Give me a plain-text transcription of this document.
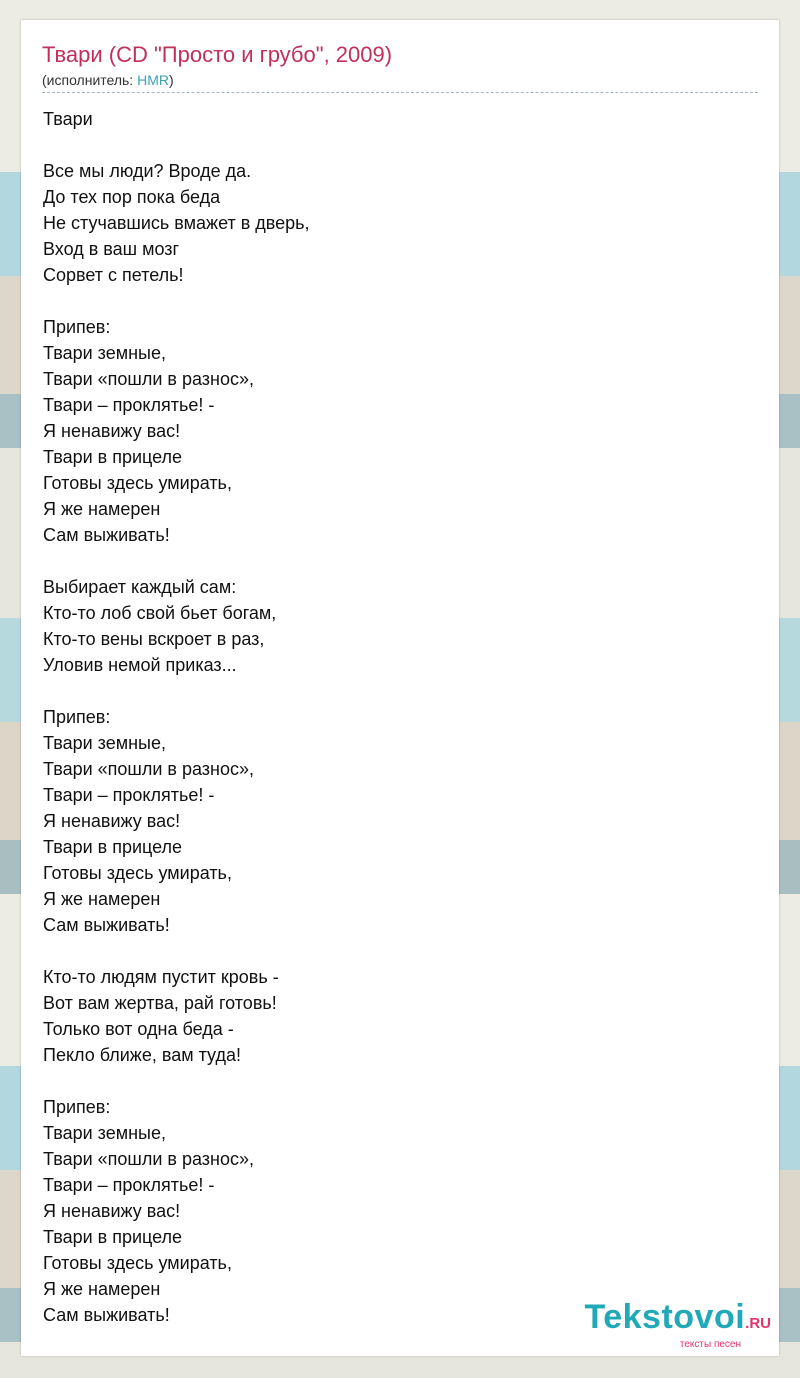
Твари (CD "Просто и грубо", 2009)
(исполнитель: HMR)
Твари
Все мы люди? Вроде да.
До тех пор пока беда
Не стучавшись вмажет в дверь,
Вход в ваш мозг
Сорвет с петель!
Припев:
Твари земные,
Твари «пошли в разнос»,
Твари – проклятье! -
Я ненавижу вас!
Твари в прицеле
Готовы здесь умирать,
Я же намерен
Сам выживать!
Выбирает каждый сам:
Кто-то лоб свой бьет богам,
Кто-то вены вскроет в раз,
Уловив немой приказ...
Припев:
Твари земные,
Твари «пошли в разнос»,
Твари – проклятье! -
Я ненавижу вас!
Твари в прицеле
Готовы здесь умирать,
Я же намерен
Сам выживать!
Кто-то людям пустит кровь -
Вот вам жертва, рай готовь!
Только вот одна беда -
Пекло ближе, вам туда!
Припев:
Твари земные,
Твари «пошли в разнос»,
Твари – проклятье! -
Я ненавижу вас!
Твари в прицеле
Готовы здесь умирать,
Я же намерен
Сам выживать!	Tekstovoi.RU
тексты песен
